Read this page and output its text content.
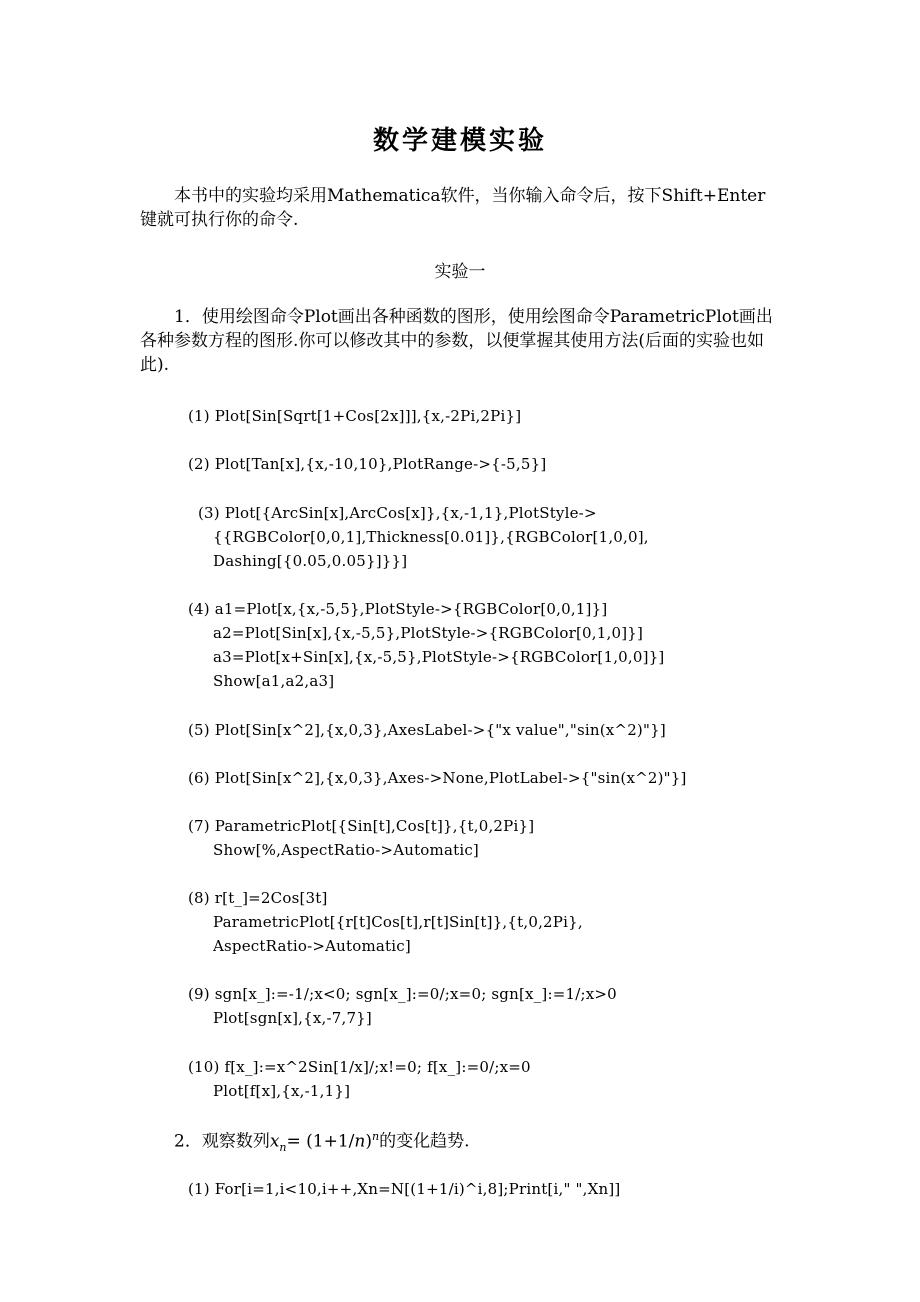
数学建模实验
本书中的实验均采用Mathematica软件，当你输入命令后，按下Shift+Enter键就可执行你的命令.
实验一
1．使用绘图命令Plot画出各种函数的图形，使用绘图命令ParametricPlot画出各种参数方程的图形.你可以修改其中的参数，以便掌握其使用方法(后面的实验也如此).

(1) Plot[Sin[Sqrt[1+Cos[2x]]],{x,-2Pi,2Pi}]

(2) Plot[Tan[x],{x,-10,10},PlotRange->{-5,5}]

(3) Plot[{ArcSin[x],ArcCos[x]},{x,-1,1},PlotStyle->

{{RGBColor[0,0,1],Thickness[0.01]},{RGBColor[1,0,0],
Dashing[{0.05,0.05}]}}]

(4) a1=Plot[x,{x,-5,5},PlotStyle->{RGBColor[0,0,1]}]

a2=Plot[Sin[x],{x,-5,5},PlotStyle->{RGBColor[0,1,0]}]
a3=Plot[x+Sin[x],{x,-5,5},PlotStyle->{RGBColor[1,0,0]}]
Show[a1,a2,a3]

(5) Plot[Sin[x^2],{x,0,3},AxesLabel->{"x value","sin(x^2)"}]

(6) Plot[Sin[x^2],{x,0,3},Axes->None,PlotLabel->{"sin(x^2)"}]

(7) ParametricPlot[{Sin[t],Cos[t]},{t,0,2Pi}]

Show[%,AspectRatio->Automatic]

(8) r[t_]=2Cos[3t]

ParametricPlot[{r[t]Cos[t],r[t]Sin[t]},{t,0,2Pi},
AspectRatio->Automatic]

(9) sgn[x_]:=-1/;x<0; sgn[x_]:=0/;x=0; sgn[x_]:=1/;x>0

Plot[sgn[x],{x,-7,7}]

(10) f[x_]:=x^2Sin[1/x]/;x!=0; f[x_]:=0/;x=0

Plot[f[x],{x,-1,1}]
2．观察数列$x_n= (1+1/n)^n$的变化趋势.

(1) For[i=1,i<10,i++,Xn=N[(1+1/i)^i,8];Print[i," ",Xn]]
